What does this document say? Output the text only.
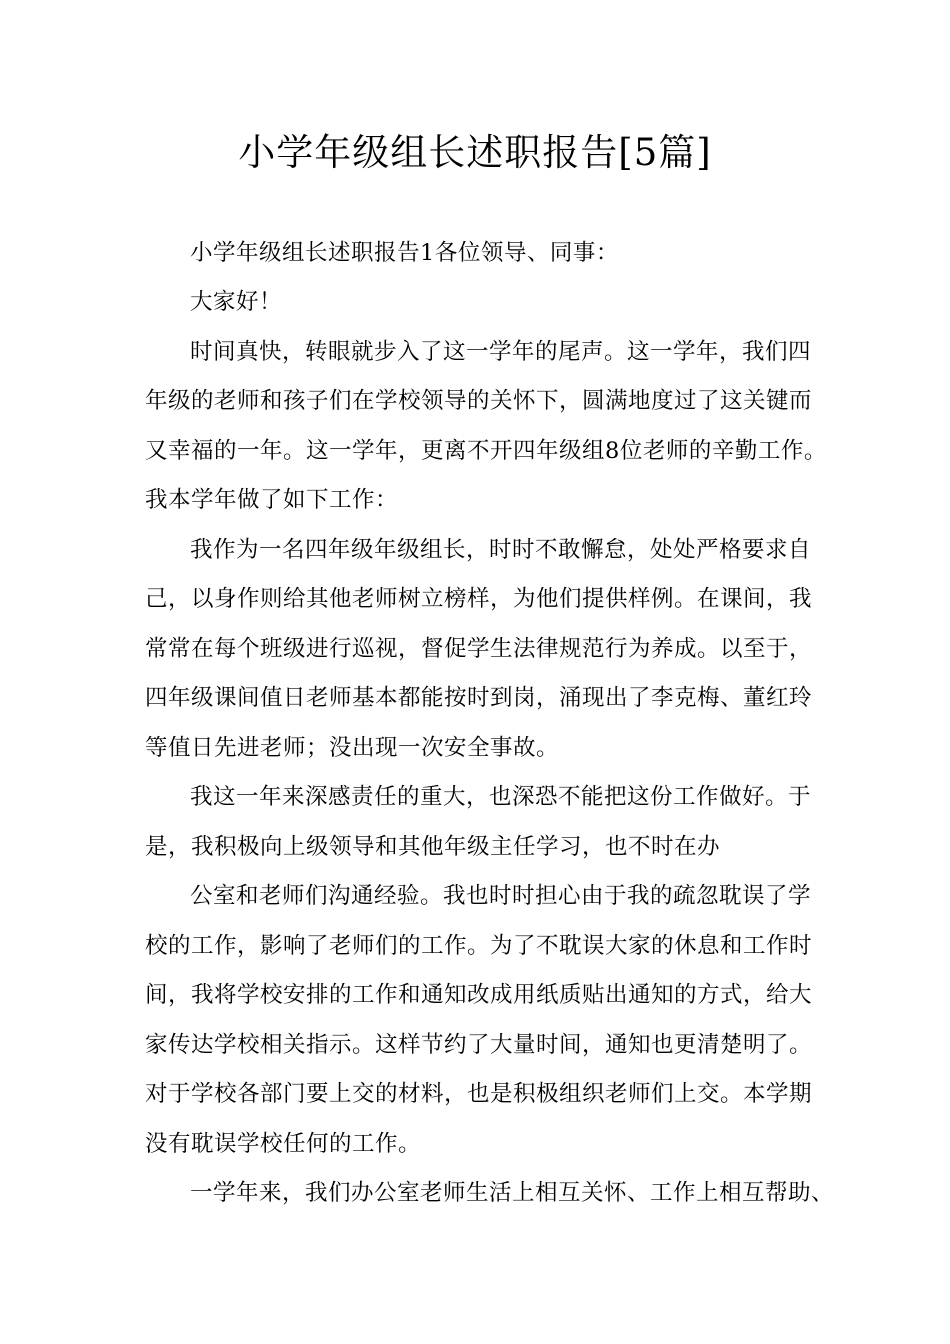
小学年级组长述职报告[5篇]
小学年级组长述职报告1各位领导、同事：
大家好！
时间真快，转眼就步入了这一学年的尾声。这一学年，我们四
年级的老师和孩子们在学校领导的关怀下，圆满地度过了这关键而
又幸福的一年。这一学年，更离不开四年级组8位老师的辛勤工作。
我本学年做了如下工作：
我作为一名四年级年级组长，时时不敢懈怠，处处严格要求自
己，以身作则给其他老师树立榜样，为他们提供样例。在课间，我
常常在每个班级进行巡视，督促学生法律规范行为养成。以至于，
四年级课间值日老师基本都能按时到岗，涌现出了李克梅、董红玲
等值日先进老师；没出现一次安全事故。
我这一年来深感责任的重大，也深恐不能把这份工作做好。于
是，我积极向上级领导和其他年级主任学习，也不时在办
公室和老师们沟通经验。我也时时担心由于我的疏忽耽误了学
校的工作，影响了老师们的工作。为了不耽误大家的休息和工作时
间，我将学校安排的工作和通知改成用纸质贴出通知的方式，给大
家传达学校相关指示。这样节约了大量时间，通知也更清楚明了。
对于学校各部门要上交的材料，也是积极组织老师们上交。本学期
没有耽误学校任何的工作。
一学年来，我们办公室老师生活上相互关怀、工作上相互帮助、
